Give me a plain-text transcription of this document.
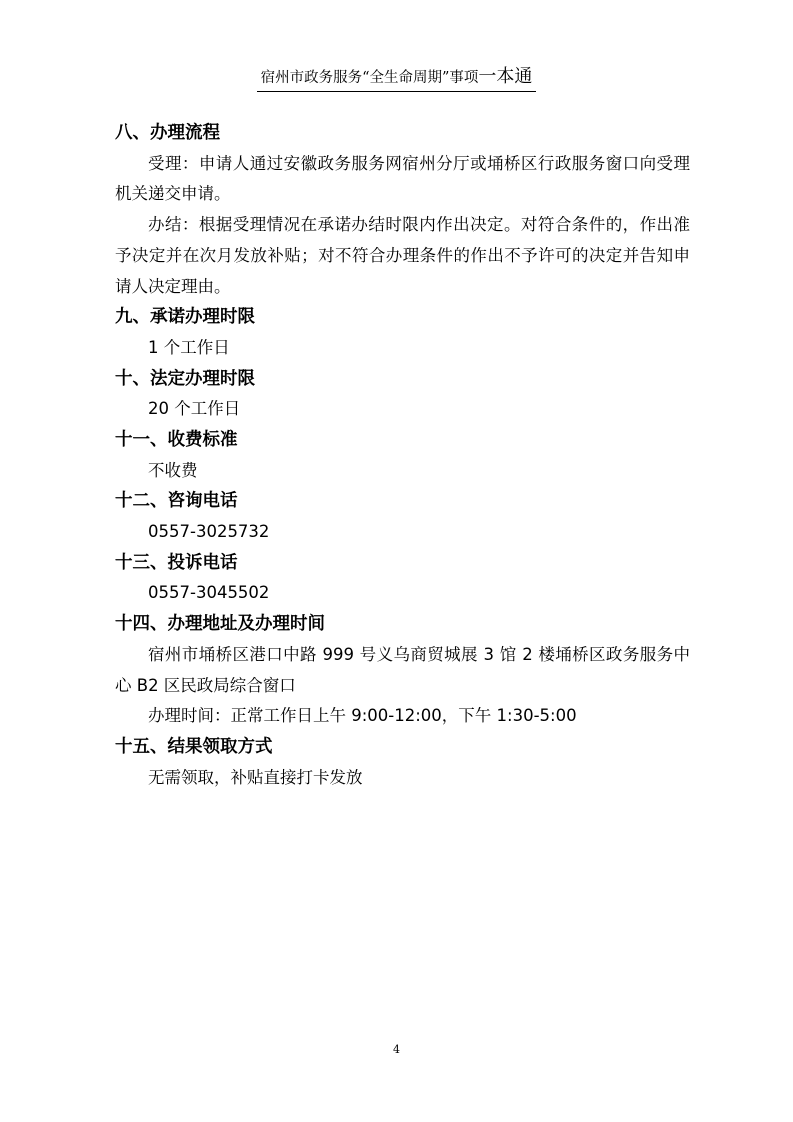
宿州市政务服务“全生命周期”事项一本通
八、办理流程
受理：申请人通过安徽政务服务网宿州分厅或埇桥区行政服务窗口向受理机关递交申请。
办结：根据受理情况在承诺办结时限内作出决定。对符合条件的，作出准予决定并在次月发放补贴；对不符合办理条件的作出不予许可的决定并告知申请人决定理由。
九、承诺办理时限
1 个工作日
十、法定办理时限
20 个工作日
十一、收费标准
不收费
十二、咨询电话
0557-3025732
十三、投诉电话
0557-3045502
十四、办理地址及办理时间
宿州市埇桥区港口中路 999 号义乌商贸城展 3 馆 2 楼埇桥区政务服务中心 B2 区民政局综合窗口
办理时间：正常工作日上午 9:00-12:00，下午 1:30-5:00
十五、结果领取方式
无需领取，补贴直接打卡发放
4
